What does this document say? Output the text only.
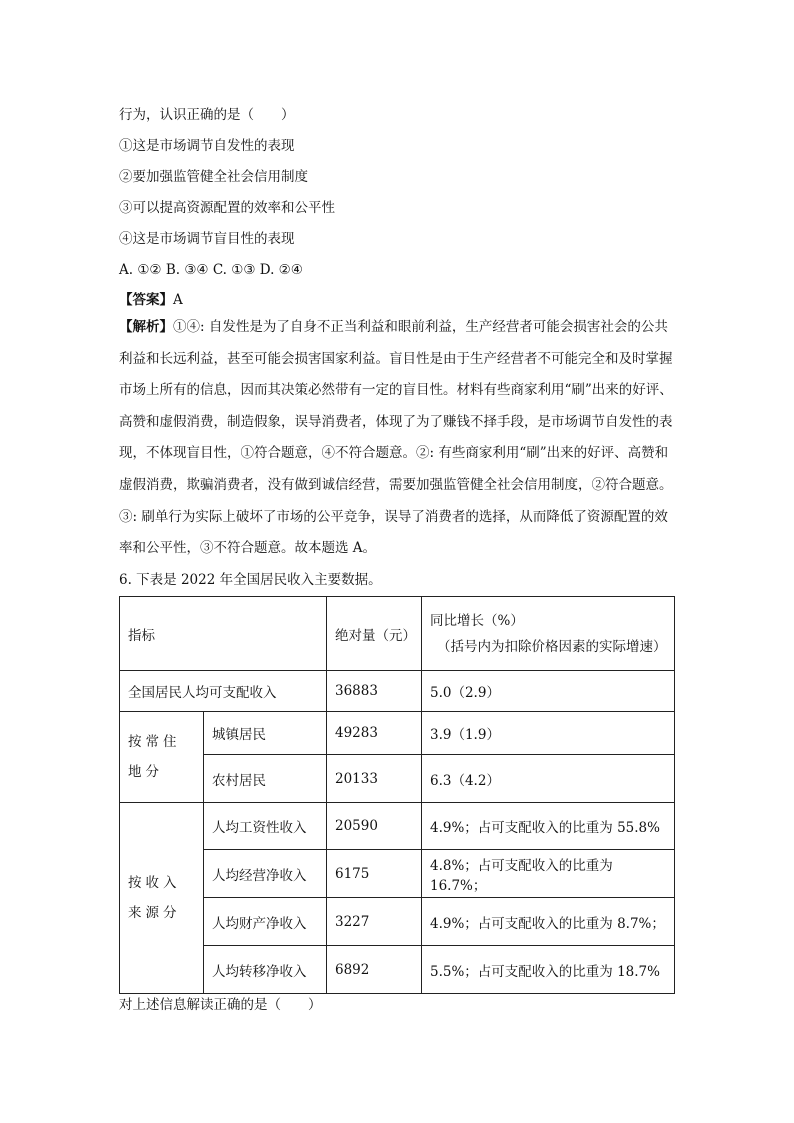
行为，认识正确的是（　　）
①这是市场调节自发性的表现
②要加强监管健全社会信用制度
③可以提高资源配置的效率和公平性
④这是市场调节盲目性的表现
A. ①② B. ③④ C. ①③ D. ②④
【答案】A
【解析】①④: 自发性是为了自身不正当利益和眼前利益，生产经营者可能会损害社会的公共利益和长远利益，甚至可能会损害国家利益。盲目性是由于生产经营者不可能完全和及时掌握市场上所有的信息，因而其决策必然带有一定的盲目性。材料有些商家利用“刷”出来的好评、高赞和虚假消费，制造假象，误导消费者，体现了为了赚钱不择手段，是市场调节自发性的表现，不体现盲目性，①符合题意，④不符合题意。②: 有些商家利用“刷”出来的好评、高赞和虚假消费，欺骗消费者，没有做到诚信经营，需要加强监管健全社会信用制度，②符合题意。③: 刷单行为实际上破坏了市场的公平竞争，误导了消费者的选择，从而降低了资源配置的效率和公平性，③不符合题意。故本题选 A。
6. 下表是 2022 年全国居民收入主要数据。
指标		绝对量（元）	同比增长（%）
（括号内为扣除价格因素的实际增速）

全国居民人均可支配收入		36883	5.0（2.9）
按常住地分	城镇居民	49283	3.9（1.9）
	农村居民	20133	6.3（4.2）
按收入来源分	人均工资性收入	20590	4.9%；占可支配收入的比重为 55.8%
	人均经营净收入	6175	4.8%；占可支配收入的比重为 16.7%；
	人均财产净收入	3227	4.9%；占可支配收入的比重为 8.7%；
	人均转移净收入	6892	5.5%；占可支配收入的比重为 18.7%
对上述信息解读正确的是（　　）
